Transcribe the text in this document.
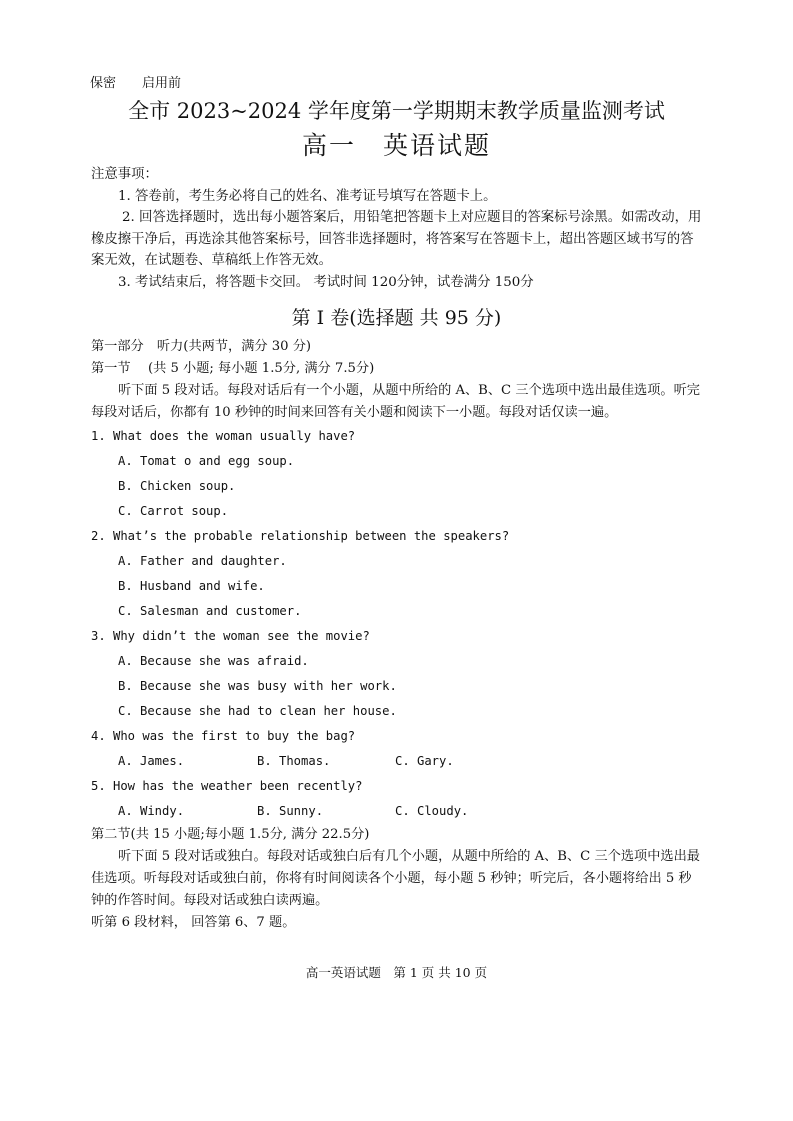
保密 启用前
全市 2023~2024 学年度第一学期期末教学质量监测考试
高一　英语试题

注意事项：

1. 答卷前，考生务必将自己的姓名、准考证号填写在答题卡上。

2. 回答选择题时，选出每小题答案后，用铅笔把答题卡上对应题目的答案标号涂黑。如需改动，用橡皮擦干净后，再选涂其他答案标号，回答非选择题时，将答案写在答题卡上，超出答题区域书写的答案无效，在试题卷、草稿纸上作答无效。

3. 考试结束后，将答题卡交回。 考试时间 120分钟，试卷满分 150分

第 I 卷(选择题 共 95 分)
第一部分　听力(共两节，满分 30 分)
第一节　 (共 5 小题; 每小题 1.5分, 满分 7.5分)

听下面 5 段对话。每段对话后有一个小题，从题中所给的 A、B、C 三个选项中选出最佳选项。听完每段对话后，你都有 10 秒钟的时间来回答有关小题和阅读下一小题。每段对话仅读一遍。

1. What does the woman usually have?
A. Tomat o and egg soup.
B. Chicken soup.
C. Carrot soup.
2. What’s the probable relationship between the speakers?
A. Father and daughter.
B. Husband and wife.
C. Salesman and customer.
3. Why didn’t the woman see the movie?
A. Because she was afraid.
B. Because she was busy with her work.
C. Because she had to clean her house.
4. Who was the first to buy the bag?
A. James.	B. Thomas.	C. Gary.
5. How has the weather been recently?
A. Windy.	B. Sunny.	C. Cloudy.
第二节(共 15 小题;每小题 1.5分, 满分 22.5分)

听下面 5 段对话或独白。每段对话或独白后有几个小题，从题中所给的 A、B、C 三个选项中选出最佳选项。听每段对话或独白前，你将有时间阅读各个小题，每小题 5 秒钟；听完后，各小题将给出 5 秒钟的作答时间。每段对话或独白读两遍。

听第 6 段材料， 回答第 6、7 题。
高一英语试题　第 1 页 共 10 页
